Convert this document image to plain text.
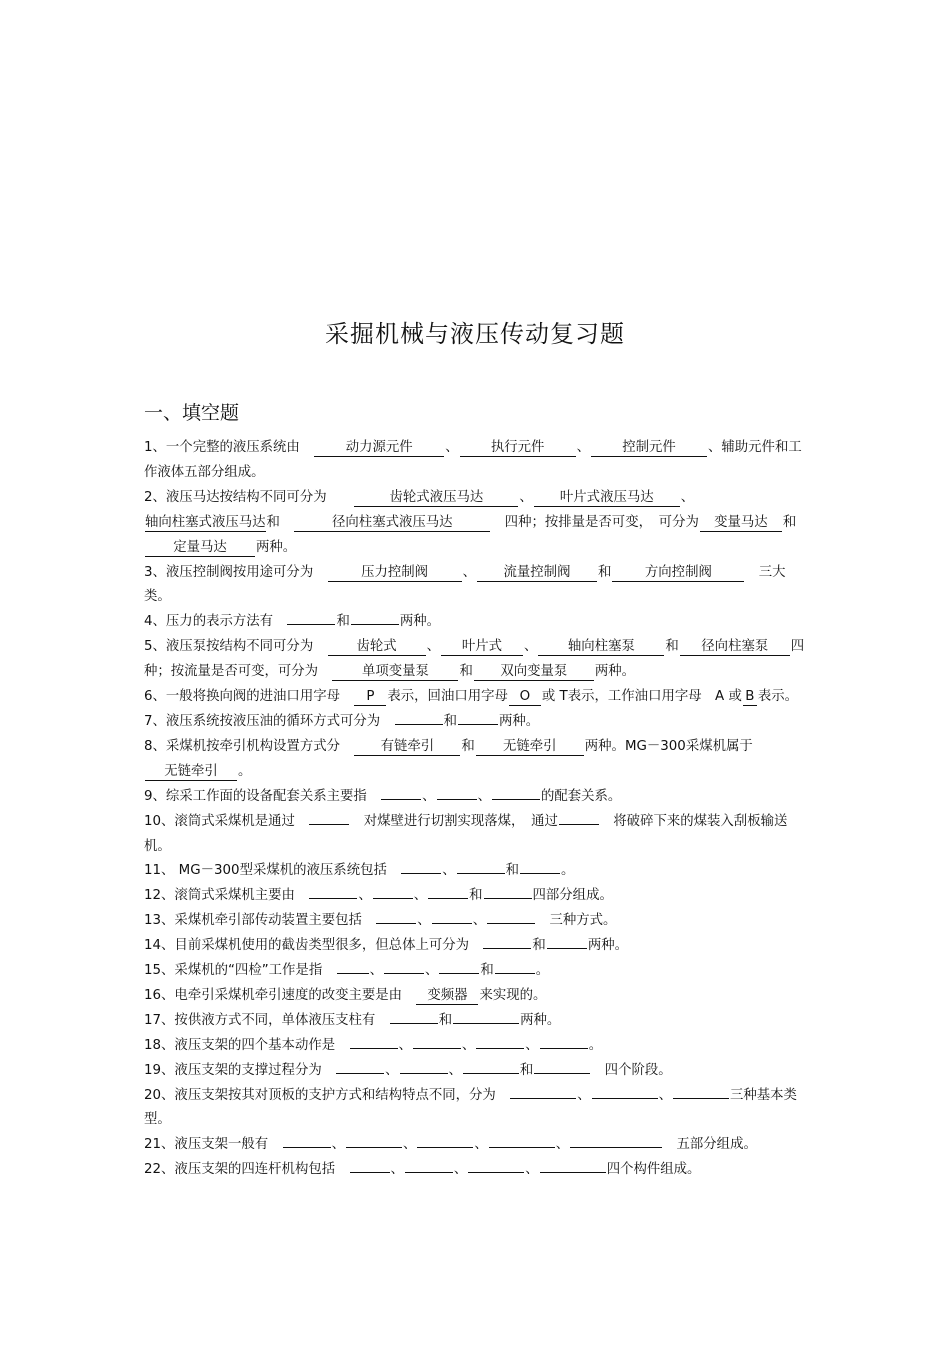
采掘机械与液压传动复习题
一、填空题

1、一个完整的液压系统由　动力源元件 、 执行元件 、 控制元件 、辅助元件和工作液体五部分组成。

2、液压马达按结构不同可分为　　	齿轮式液压马达	、 叶片式液压马达 、轴向柱塞式液压马达和　	径向柱塞式液压马达	　四种；按排量是否可变，　可分为 变量马达 和定量马达 两种。

3、液压控制阀按用途可分为　	压力控制阀	、 流量控制阀 和	方向控制阀	　三大类。

4、压力的表示方法有　	和	两种。

5、液压泵按结构不同可分为　齿轮式 、 叶片式 、 轴向柱塞泵 和 径向柱塞泵 四种；按流量是否可变，可分为　单项变量泵 和 双向变量泵 两种。

6、一般将换向阀的进油口用字母　P 表示，回油口用字母 O 或 T表示，工作油口用字母　A 或 B 表示。

7、液压系统按液压油的循环方式可分为　	和	两种。

8、采煤机按牵引机构设置方式分　有链牵引 和 无链牵引 两种。MG－300采煤机属于无链牵引 。

9、综采工作面的设备配套关系主要指　	、	、	的配套关系。

10、滚筒式采煤机是通过　	　对煤壁进行切割实现落煤，　通过	　将破碎下来的煤装入刮板输送机。

11、 MG－300型采煤机的液压系统包括　	、	和	。

12、滚筒式采煤机主要由　	、	、	和	四部分组成。

13、采煤机牵引部传动装置主要包括　	、	、	　三种方式。

14、目前采煤机使用的截齿类型很多，但总体上可分为　	和	两种。

15、采煤机的“四检”工作是指　	、	、	和	。

16、电牵引采煤机牵引速度的改变主要是由　变频器 来实现的。

17、按供液方式不同，单体液压支柱有　	和	两种。

18、液压支架的四个基本动作是　	、	、	、	。

19、液压支架的支撑过程分为　	、	、	和	　四个阶段。

20、液压支架按其对顶板的支护方式和结构特点不同，分为　	、	、	三种基本类型。

21、液压支架一般有　	、	、	、	、	　五部分组成。

22、液压支架的四连杆机构包括　	、	、	、	四个构件组成。
